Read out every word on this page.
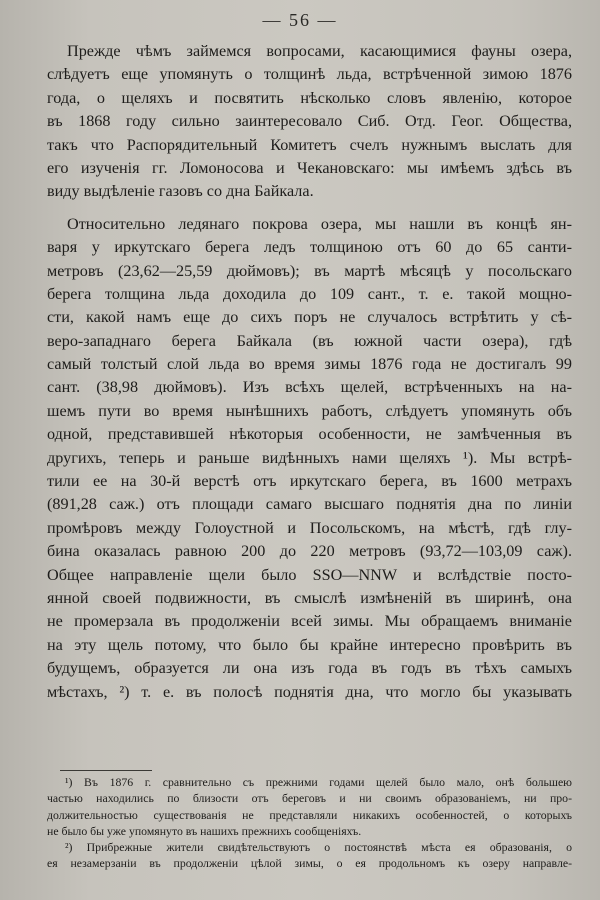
— 56 —
Прежде чѣмъ займемся вопросами, касающимися фауны озера,
слѣдуетъ еще упомянуть о толщинѣ льда, встрѣченной зимою 1876
года, о щеляхъ и посвятить нѣсколько словъ явленію, которое
въ 1868 году сильно заинтересовало Сиб. Отд. Геог. Общества,
такъ что Распорядительный Комитетъ счелъ нужнымъ выслать для
его изученія гг. Ломоносова и Чекановскаго: мы имѣемъ здѣсь въ
виду выдѣленіе газовъ со дна Байкала.
Относительно ледянаго покрова озера, мы нашли въ концѣ ян-
варя у иркутскаго берега ледъ толщиною отъ 60 до 65 санти-
метровъ (23,62—25,59 дюймовъ); въ мартѣ мѣсяцѣ у посольскаго
берега толщина льда доходила до 109 сант., т. е. такой мощно-
сти, какой намъ еще до сихъ поръ не случалось встрѣтить у сѣ-
веро-западнаго берега Байкала (въ южной части озера), гдѣ
самый толстый слой льда во время зимы 1876 года не достигалъ 99
сант. (38,98 дюймовъ). Изъ всѣхъ щелей, встрѣченныхъ на на-
шемъ пути во время нынѣшнихъ работъ, слѣдуетъ упомянуть объ
одной, представившей нѣкоторыя особенности, не замѣченныя въ
другихъ, теперь и раньше видѣнныхъ нами щеляхъ ¹). Мы встрѣ-
тили ее на 30-й верстѣ отъ иркутскаго берега, въ 1600 метрахъ
(891,28 саж.) отъ площади самаго высшаго поднятія дна по линіи
промѣровъ между Голоустной и Посольскомъ, на мѣстѣ, гдѣ глу-
бина оказалась равною 200 до 220 метровъ (93,72—103,09 саж).
Общее направленіе щели было SSO—NNW и вслѣдствіе посто-
янной своей подвижности, въ смыслѣ измѣненій въ ширинѣ, она
не промерзала въ продолженіи всей зимы. Мы обращаемъ вниманіе
на эту щель потому, что было бы крайне интересно провѣрить въ
будущемъ, образуется ли она изъ года въ годъ въ тѣхъ самыхъ
мѣстахъ, ²) т. е. въ полосѣ поднятія дна, что могло бы указывать
¹) Въ 1876 г. сравнительно съ прежними годами щелей было мало, онѣ большею
частью находились по близости отъ береговъ и ни своимъ образованіемъ, ни про-
должительностью существованія не представляли никакихъ особенностей, о которыхъ
не было бы уже упомянуто въ нашихъ прежнихъ сообщеніяхъ.
²) Прибрежные жители свидѣтельствуютъ о постоянствѣ мѣста ея образованія, о
ея незамерзаніи въ продолженіи цѣлой зимы, о ея продольномъ къ озеру направле-
